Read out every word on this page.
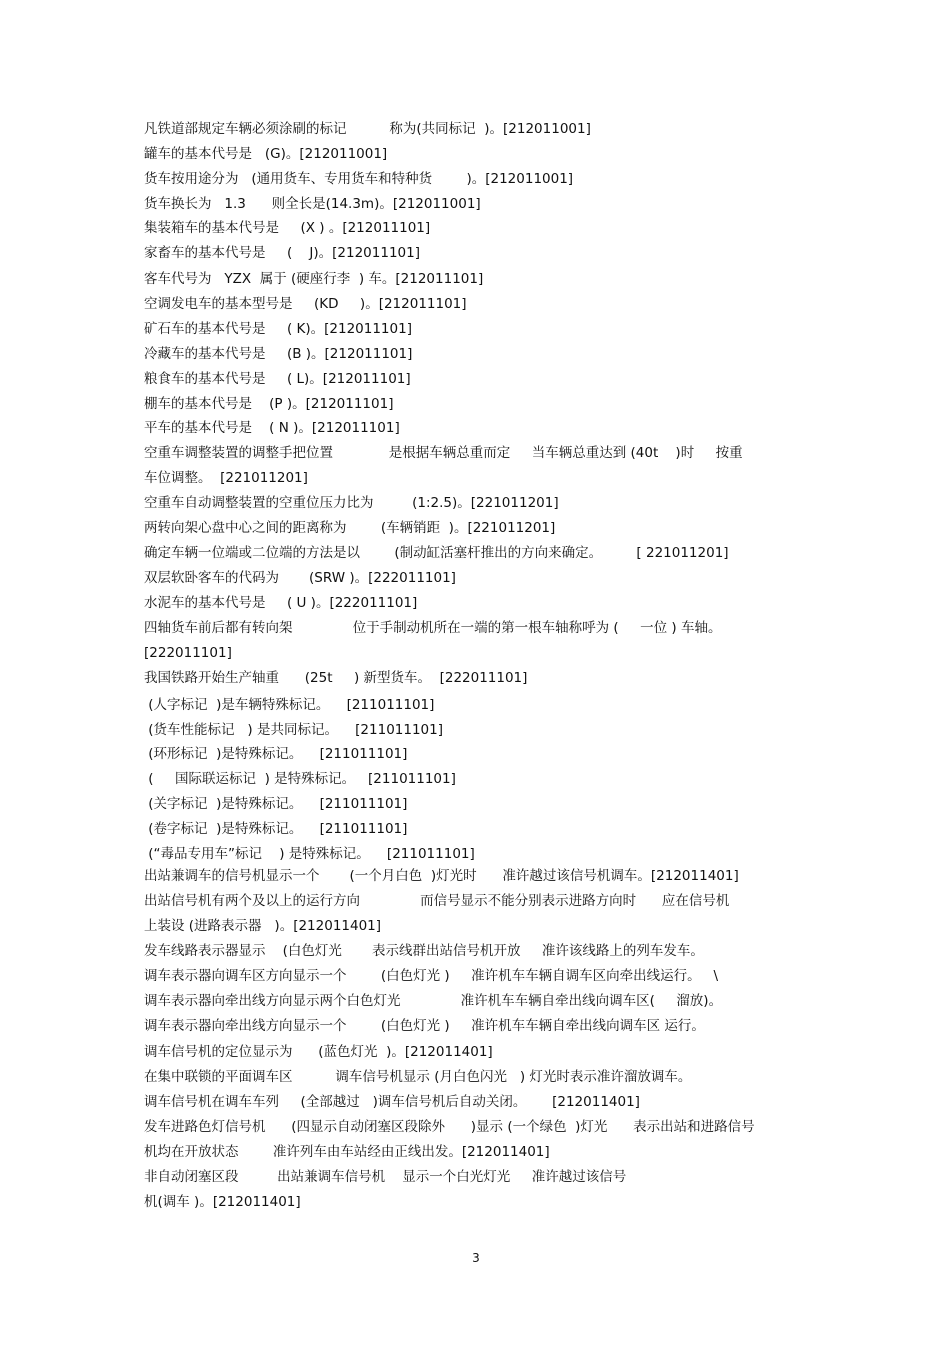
凡铁道部规定车辆必须涂刷的标记          称为(共同标记  )。[212011001]
罐车的基本代号是   (G)。[212011001]
货车按用途分为   (通用货车、专用货车和特种货        )。[212011001]
货车换长为   1.3      则全长是(14.3m)。[212011001]
集装箱车的基本代号是     (X ) 。[212011101]
家畜车的基本代号是     (    J)。[212011101]
客车代号为   YZX  属于 (硬座行李  ) 车。[212011101]
空调发电车的基本型号是     (KD     )。[212011101]
矿石车的基本代号是     ( K)。[212011101]
冷藏车的基本代号是     (B )。[212011101]
粮食车的基本代号是     ( L)。[212011101]
棚车的基本代号是    (P )。[212011101]
平车的基本代号是    ( N )。[212011101]
空重车调整装置的调整手把位置             是根据车辆总重而定     当车辆总重达到 (40t    )时     按重
车位调整。  [221011201]
空重车自动调整装置的空重位压力比为         (1:2.5)。[221011201]
两转向架心盘中心之间的距离称为        (车辆销距  )。[221011201]
确定车辆一位端或二位端的方法是以        (制动缸活塞杆推出的方向来确定。        [ 221011201]
双层软卧客车的代码为       (SRW )。[222011101]
水泥车的基本代号是     ( U )。[222011101]
四轴货车前后都有转向架              位于手制动机所在一端的第一根车轴称呼为 (     一位 ) 车轴。
[222011101]
我国铁路开始生产轴重      (25t     ) 新型货车。  [222011101]
(人字标记  )是车辆特殊标记。    [211011101]
(货车性能标记   ) 是共同标记。    [211011101]
(环形标记  )是特殊标记。    [211011101]
(     国际联运标记  ) 是特殊标记。   [211011101]
(关字标记  )是特殊标记。    [211011101]
(卷字标记  )是特殊标记。    [211011101]
(“毒品专用车”标记    ) 是特殊标记。    [211011101]
出站兼调车的信号机显示一个       (一个月白色  )灯光时      准许越过该信号机调车。[212011401]
出站信号机有两个及以上的运行方向              而信号显示不能分别表示进路方向时      应在信号机
上装设 (进路表示器   )。[212011401]
发车线路表示器显示    (白色灯光       表示线群出站信号机开放     准许该线路上的列车发车。
调车表示器向调车区方向显示一个        (白色灯光 )     准许机车车辆自调车区向牵出线运行。   \
调车表示器向牵出线方向显示两个白色灯光              准许机车车辆自牵出线向调车区(     溜放)。
调车表示器向牵出线方向显示一个        (白色灯光 )     准许机车车辆自牵出线向调车区 运行。
调车信号机的定位显示为      (蓝色灯光  )。[212011401]
在集中联锁的平面调车区          调车信号机显示 (月白色闪光   ) 灯光时表示准许溜放调车。
调车信号机在调车车列     (全部越过   )调车信号机后自动关闭。      [212011401]
发车进路色灯信号机      (四显示自动闭塞区段除外      )显示 (一个绿色  )灯光      表示出站和进路信号
机均在开放状态        准许列车由车站经由正线出发。[212011401]
非自动闭塞区段         出站兼调车信号机    显示一个白光灯光     准许越过该信号
机(调车 )。[212011401]
3
